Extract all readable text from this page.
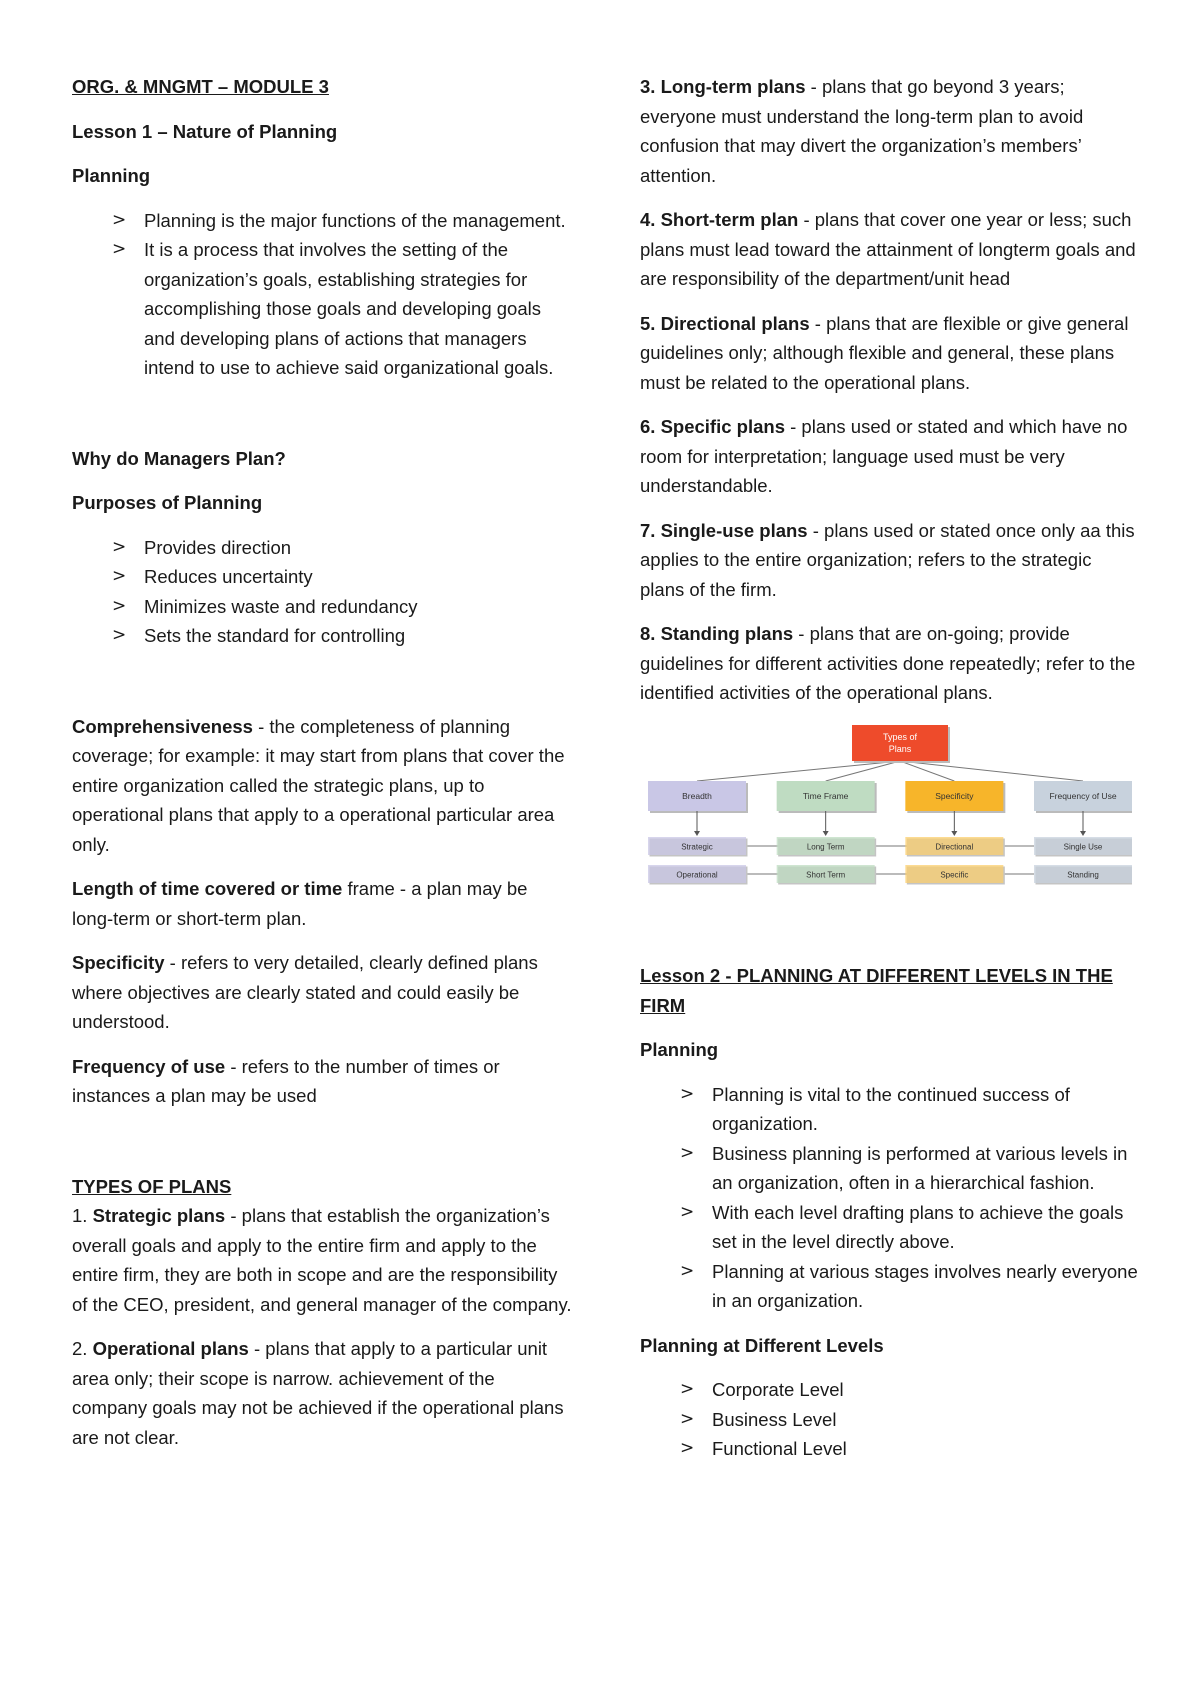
ORG. & MNGMT – MODULE 3

Lesson 1 – Nature of Planning

Planning

> Planning is the major functions of the management.
> It is a process that involves the setting of the organization’s goals, establishing strategies for accomplishing those goals and developing goals and developing plans of actions that managers intend to use to achieve said organizational goals.

Why do Managers Plan?

Purposes of Planning

> Provides direction
> Reduces uncertainty
> Minimizes waste and redundancy
> Sets the standard for controlling

Comprehensiveness - the completeness of planning coverage; for example: it may start from plans that cover the entire organization called the strategic plans, up to operational plans that apply to a operational particular area only.

Length of time covered or time frame - a plan may be long-term or short-term plan.

Specificity - refers to very detailed, clearly defined plans where objectives are clearly stated and could easily be understood.

Frequency of use - refers to the number of times or instances a plan may be used

TYPES OF PLANS

1. Strategic plans - plans that establish the organization’s overall goals and apply to the entire firm and apply to the entire firm, they are both in scope and are the responsibility of the CEO, president, and general manager of the company.

2. Operational plans - plans that apply to a particular unit area only; their scope is narrow. achievement of the company goals may not be achieved if the operational plans are not clear.

3. Long-term plans - plans that go beyond 3 years; everyone must understand the long-term plan to avoid confusion that may divert the organization’s members’ attention.

4. Short-term plan - plans that cover one year or less; such plans must lead toward the attainment of longterm goals and are responsibility of the department/unit head

5. Directional plans - plans that are flexible or give general guidelines only; although flexible and general, these plans must be related to the operational plans.

6. Specific plans - plans used or stated and which have no room for interpretation; language used must be very understandable.

7. Single-use plans - plans used or stated once only aa this applies to the entire organization; refers to the strategic plans of the firm.

8. Standing plans - plans that are on-going; provide guidelines for different activities done repeatedly; refer to the identified activities of the operational plans.

Types of
Plans
Breadth
Strategic
Operational
Time Frame
Long Term
Short Term
Specificity
Directional
Specific
Frequency of Use
Single Use
Standing

Lesson 2 - PLANNING AT DIFFERENT LEVELS IN THE FIRM

Planning

> Planning is vital to the continued success of organization.
> Business planning is performed at various levels in an organization, often in a hierarchical fashion.
> With each level drafting plans to achieve the goals set in the level directly above.
> Planning at various stages involves nearly everyone in an organization.

Planning at Different Levels

> Corporate Level
> Business Level
> Functional Level
